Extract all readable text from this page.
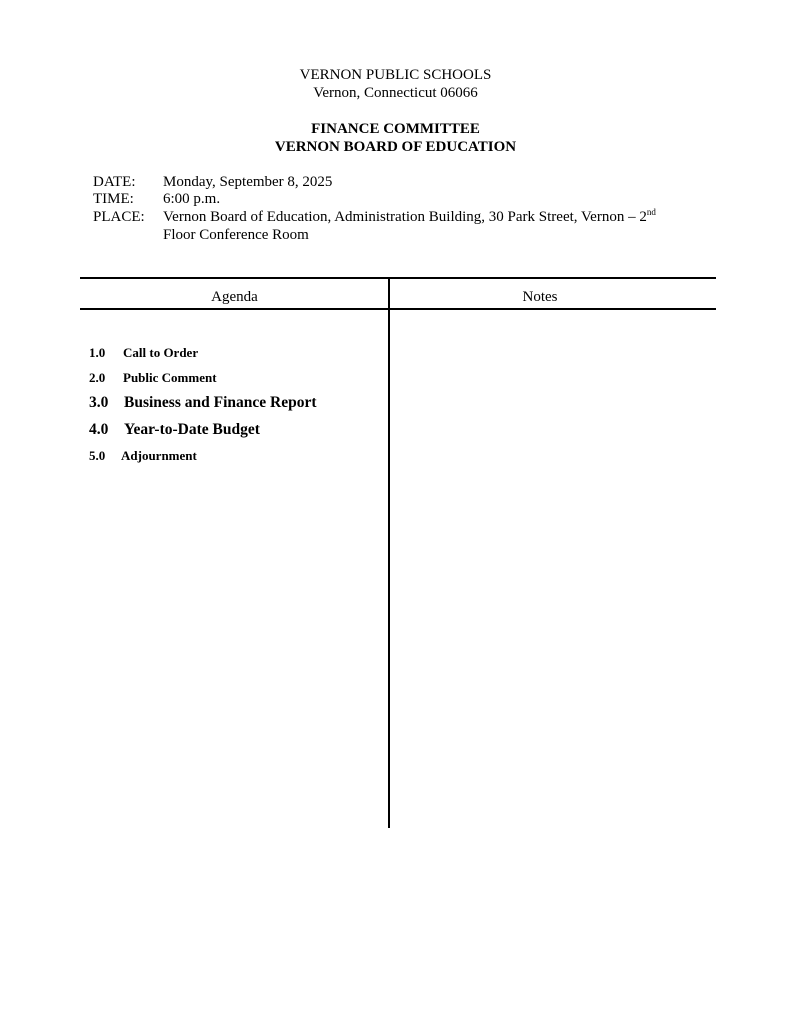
VERNON PUBLIC SCHOOLS
Vernon, Connecticut 06066
FINANCE COMMITTEE
VERNON BOARD OF EDUCATION
DATE: Monday, September 8, 2025
TIME: 6:00 p.m.
PLACE: Vernon Board of Education, Administration Building, 30 Park Street, Vernon – 2nd
Floor Conference Room
Agenda	Notes
1.0 Call to Order
2.0 Public Comment
3.0 Business and Finance Report
4.0 Year-to-Date Budget
5.0 Adjournment
